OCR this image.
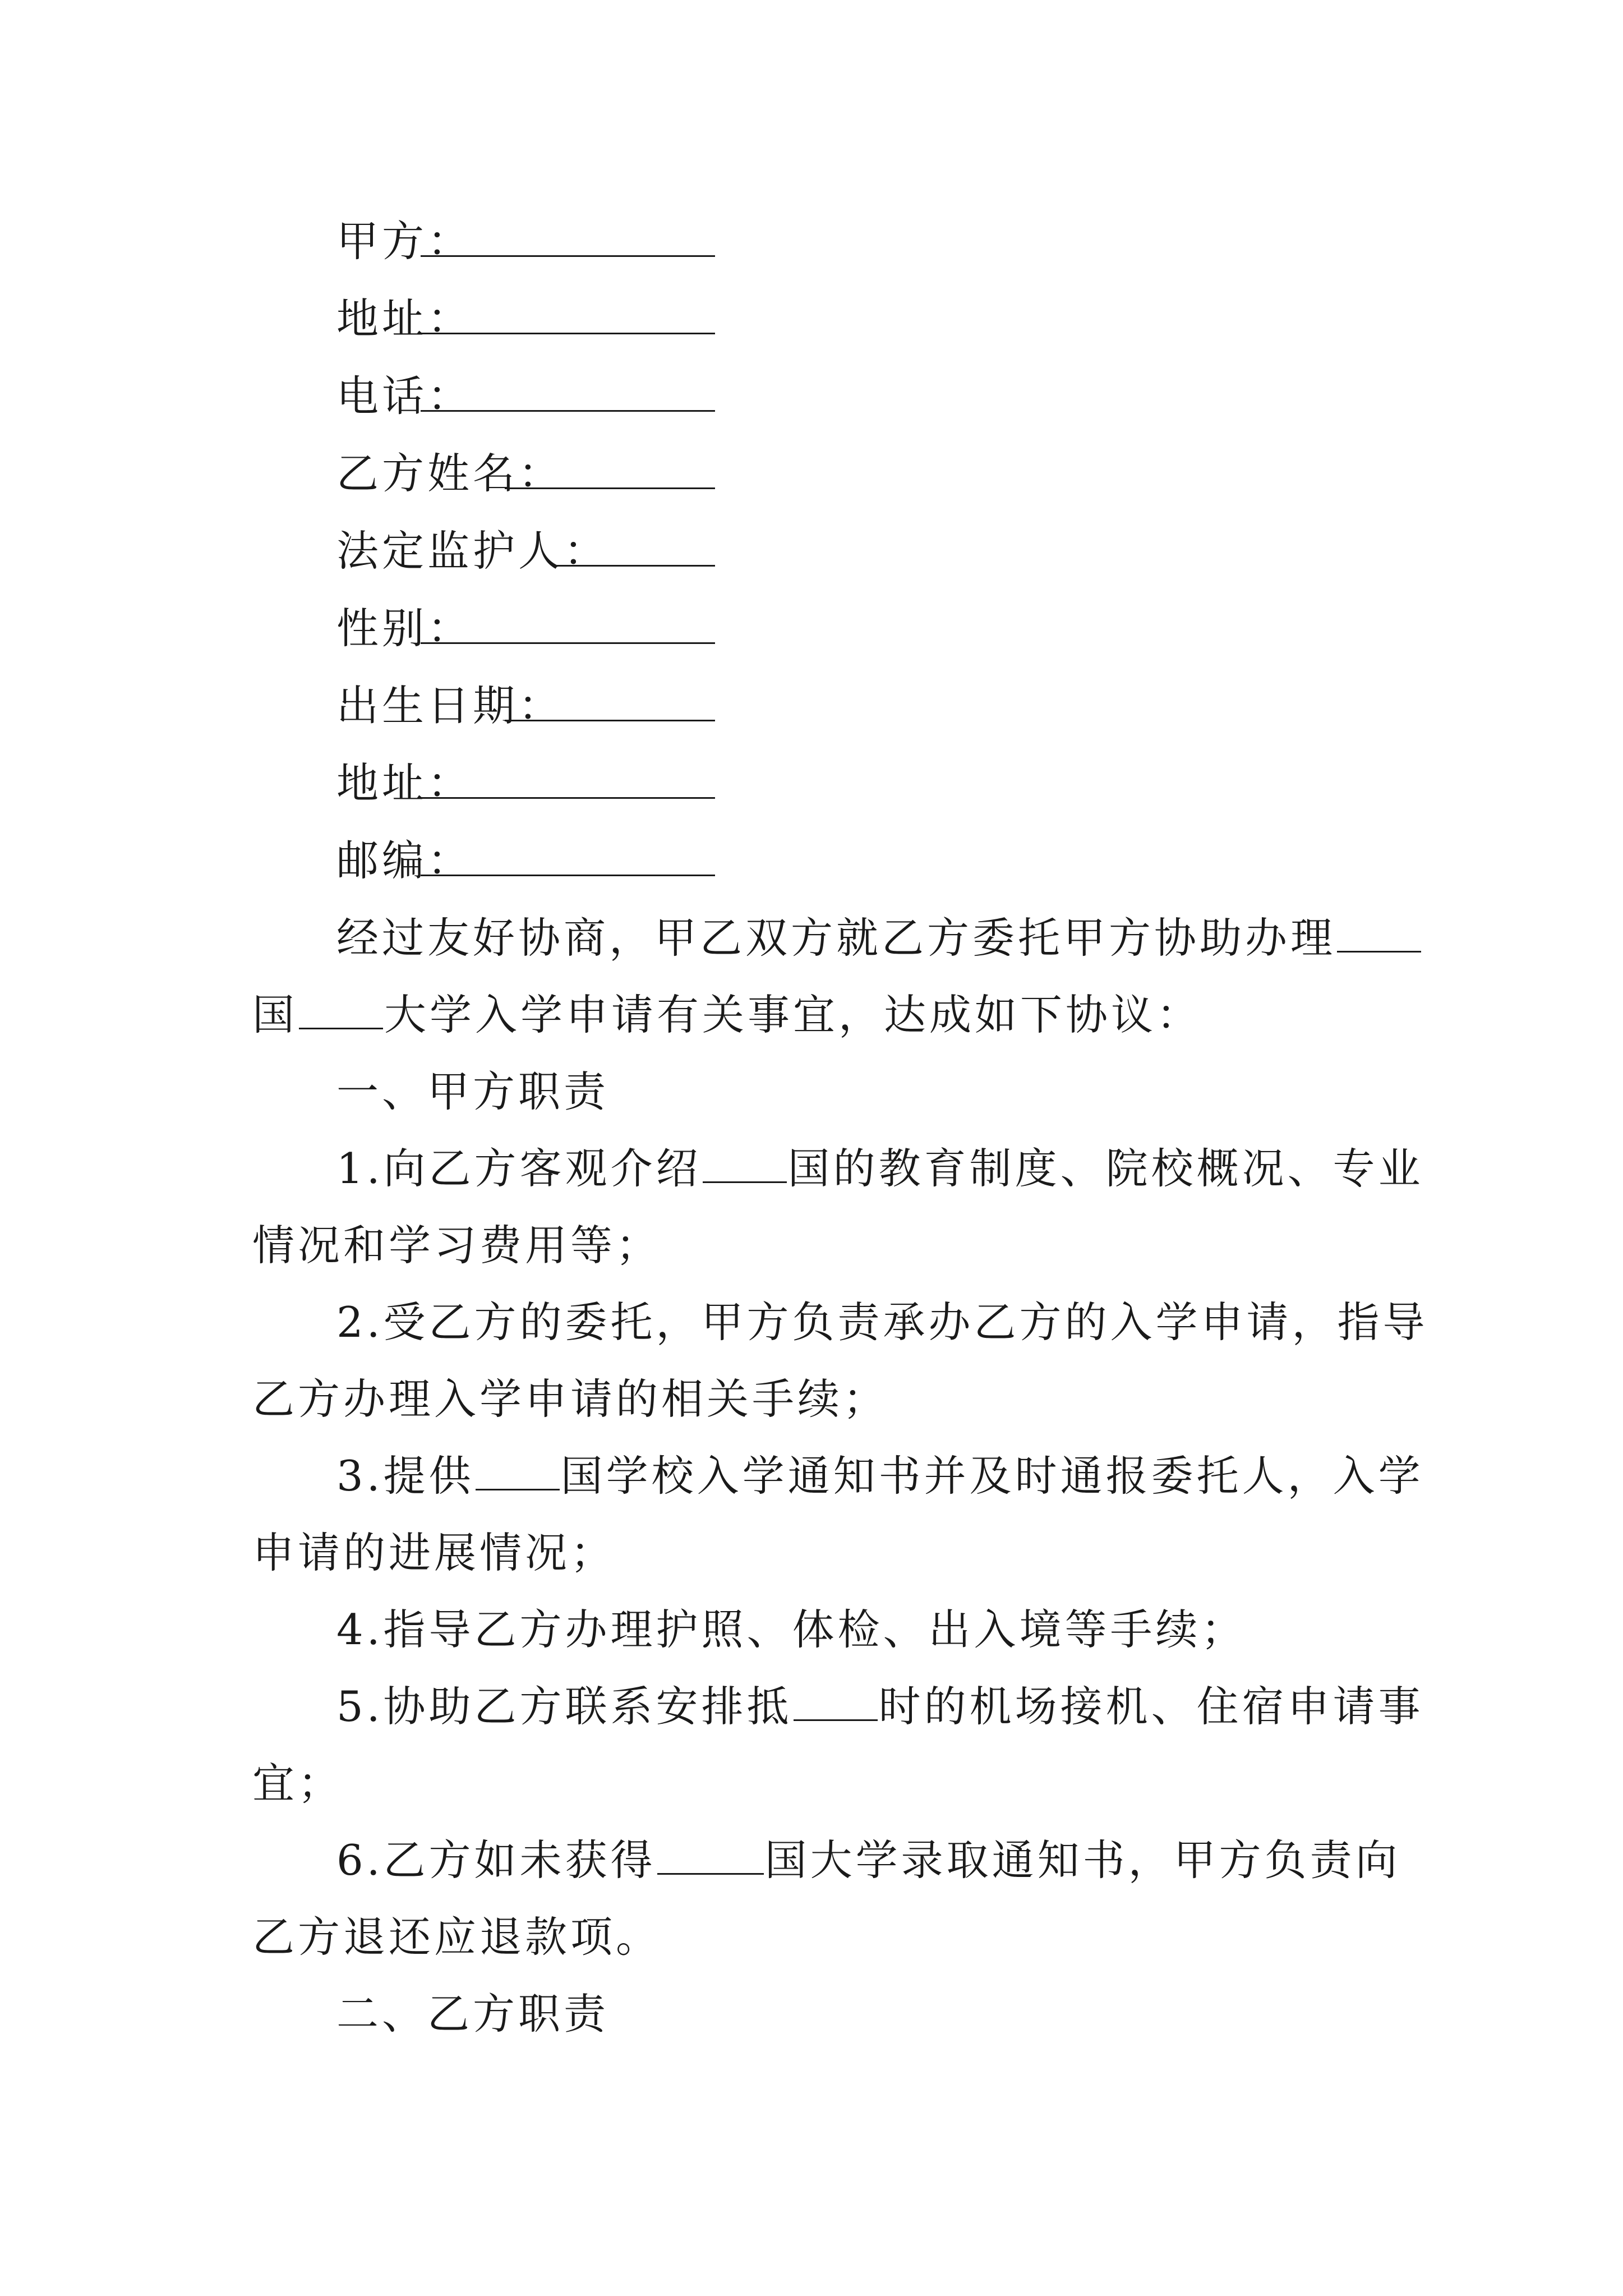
甲方：
地址：
电话：
乙方姓名：
法定监护人：
性别：
出生日期：
地址：
邮编：
经过友好协商，甲乙双方就乙方委托甲方协助办理
国 大学入学申请有关事宜，达成如下协议：
一、甲方职责
1.向乙方客观介绍 国的教育制度、院校概况、专业
情况和学习费用等；
2.受乙方的委托，甲方负责承办乙方的入学申请，指导
乙方办理入学申请的相关手续；
3.提供 国学校入学通知书并及时通报委托人，入学
申请的进展情况；
4.指导乙方办理护照、体检、出入境等手续；
5.协助乙方联系安排抵 时的机场接机、住宿申请事
宜；
6.乙方如未获得	国大学录取通知书，甲方负责向
乙方退还应退款项。
二、乙方职责
